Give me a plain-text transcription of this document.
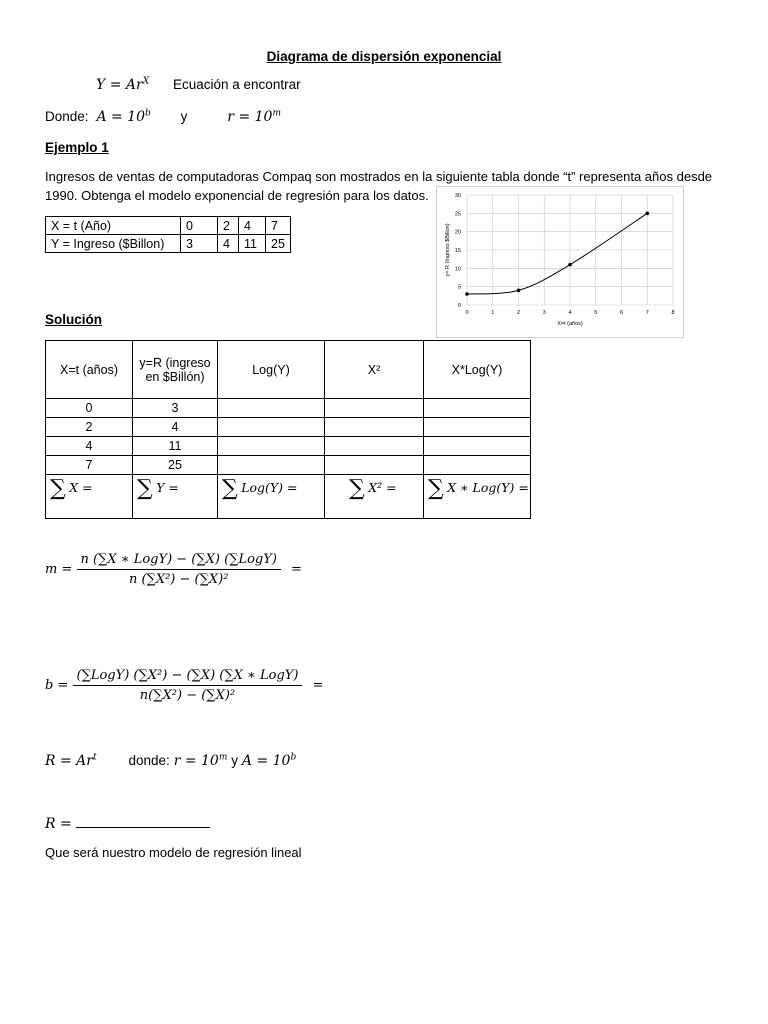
Diagrama de dispersión exponencial
$Y = Ar^X$ Ecuación a encontrar
Donde: $A = 10^b$ y	$r = 10^m$
Ejemplo 1
Ingresos de ventas de computadoras Compaq son mostrados en la siguiente tabla donde “t” representa años desde
1990. Obtenga el modelo exponencial de regresión para los datos.
X = t (Año)	0	2	4	7
Y = Ingreso ($Billon)	3	4	11	25
0
5
10
15
20
25
30
0	1	2	3	4	5	6	7	8
X=t (años)
y= R (Ingreso $Billon)
Solución
X=t (años)	y=R (ingreso en $Billón)	Log(Y)	X²	X*Log(Y)
0	3			
2	4			
4	11			
7	25			
∑ X =	∑ Y =	∑ Log(Y) =	∑ X² =	∑ X ∗ Log(Y) =
$m = \frac{\text{n (∑X ∗ LogY) − (∑X) (∑LogY)}}{\text{n (∑X²) − (∑X)²}}$ =
$b = \frac{\text{(∑LogY) (∑X²) − (∑X) (∑X ∗ LogY)}}{\text{n(∑X²) − (∑X)²}}$ =
$R = Ar^t$ donde: $r = 10^m$ y $A = 10^b$
R =
Que será nuestro modelo de regresión lineal
